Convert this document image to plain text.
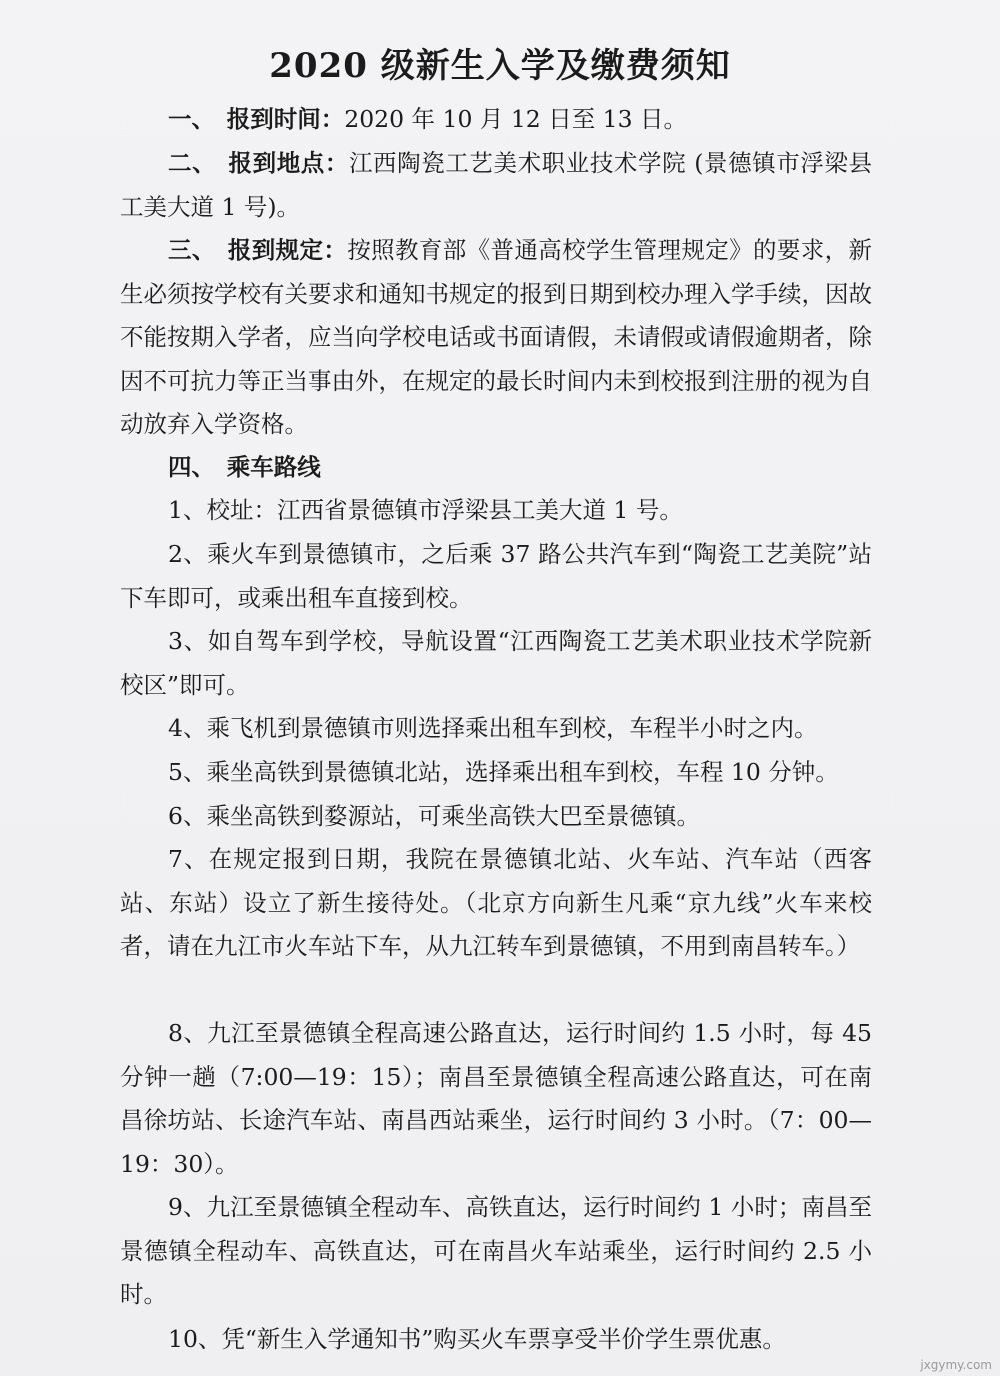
2020 级新生入学及缴费须知

一、　 报到时间：2020 年 10 月 12 日至 13 日。

二、　 报到地点：江西陶瓷工艺美术职业技术学院 (景德镇市浮梁县工美大道 1 号)。

三、　 报到规定：按照教育部《普通高校学生管理规定》的要求，新生必须按学校有关要求和通知书规定的报到日期到校办理入学手续，因故不能按期入学者，应当向学校电话或书面请假，未请假或请假逾期者，除因不可抗力等正当事由外，在规定的最长时间内未到校报到注册的视为自动放弃入学资格。

四、　 乘车路线

1、校址：江西省景德镇市浮梁县工美大道 1 号。

2、乘火车到景德镇市，之后乘 37 路公共汽车到“陶瓷工艺美院”站下车即可，或乘出租车直接到校。

3、如自驾车到学校，导航设置“江西陶瓷工艺美术职业技术学院新校区”即可。

4、乘飞机到景德镇市则选择乘出租车到校，车程半小时之内。

5、乘坐高铁到景德镇北站，选择乘出租车到校，车程 10 分钟。

6、乘坐高铁到婺源站，可乘坐高铁大巴至景德镇。

7、在规定报到日期，我院在景德镇北站、火车站、汽车站（西客站、东站）设立了新生接待处。（北京方向新生凡乘“京九线”火车来校者，请在九江市火车站下车，从九江转车到景德镇，不用到南昌转车。）

8、九江至景德镇全程高速公路直达，运行时间约 1.5 小时，每 45 分钟一趟（7:00—19：15）；南昌至景德镇全程高速公路直达，可在南昌徐坊站、长途汽车站、南昌西站乘坐，运行时间约 3 小时。（7：00—19：30）。

9、九江至景德镇全程动车、高铁直达，运行时间约 1 小时；南昌至景德镇全程动车、高铁直达，可在南昌火车站乘坐，运行时间约 2.5 小时。

10、凭“新生入学通知书”购买火车票享受半价学生票优惠。

jxgymy.com
